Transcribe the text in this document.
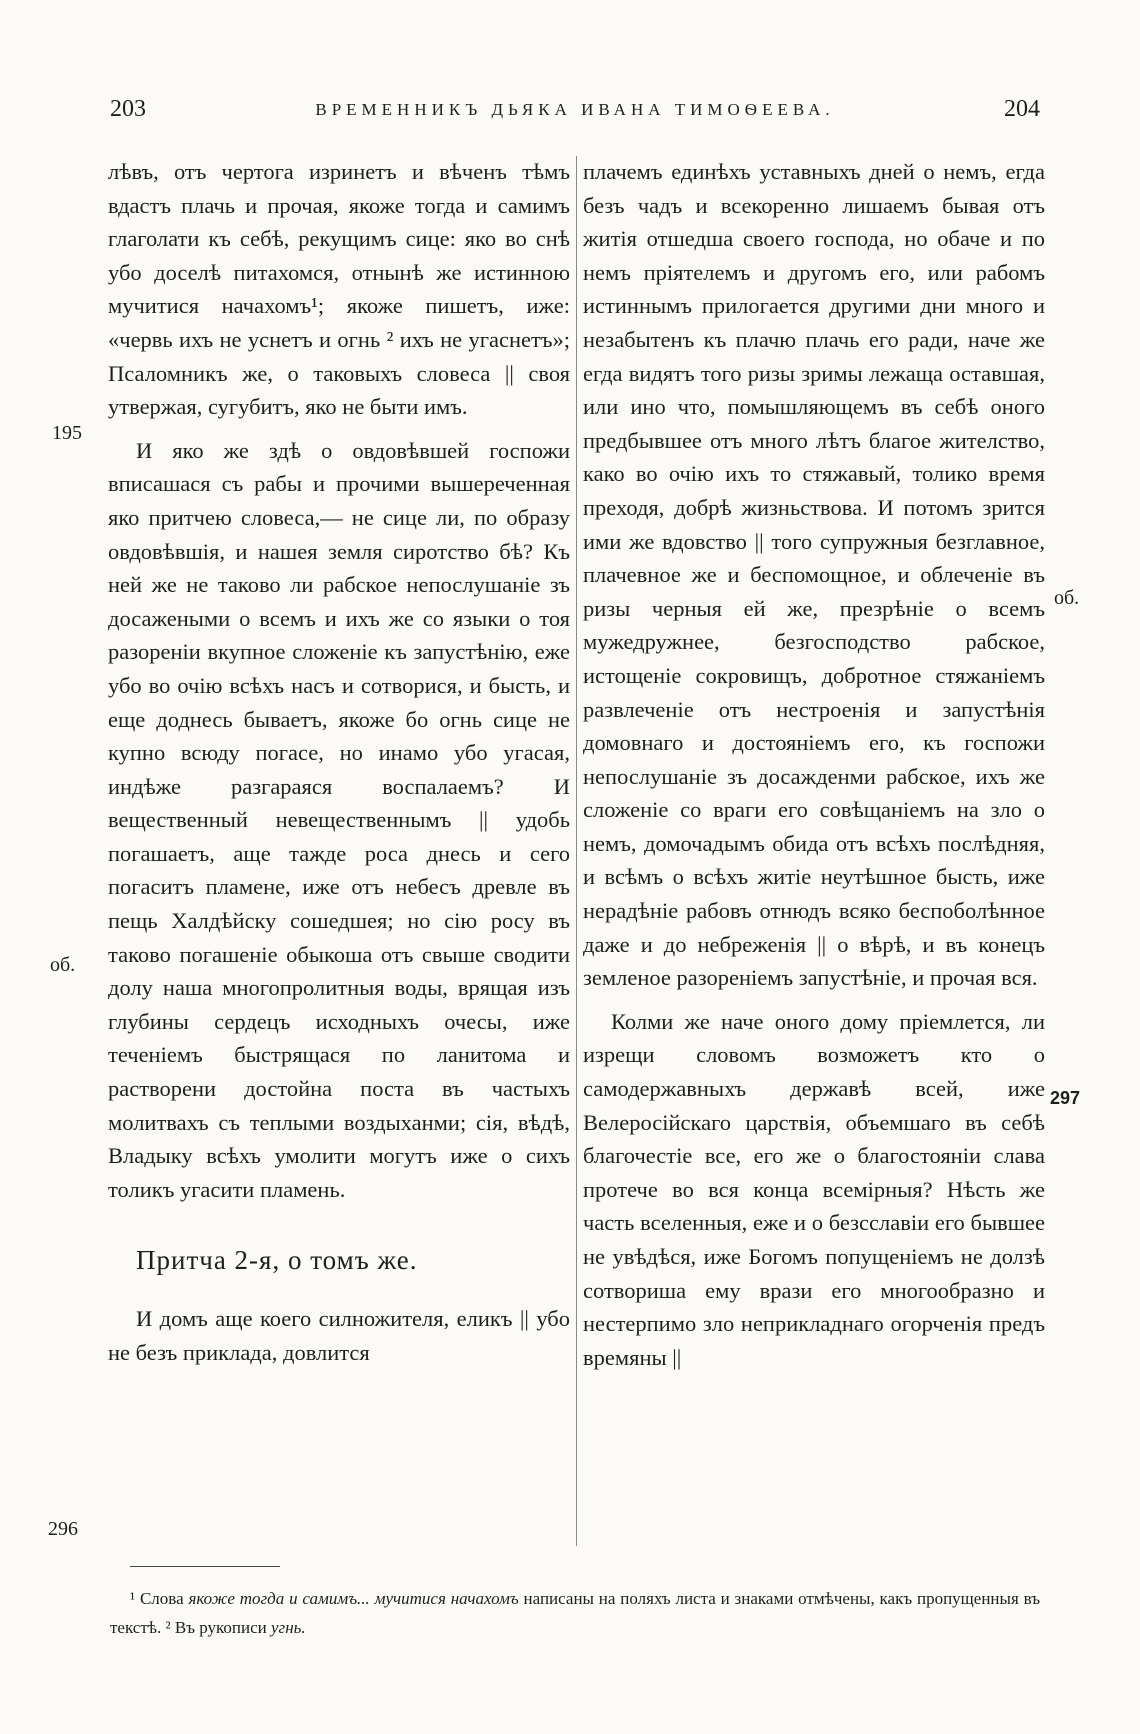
203	ВРЕМЕННИКЪ ДЬЯКА ИВАНА ТИМОѲЕЕВА.	204
195
об.
296
об.
297

лѣвъ, отъ чертога изринетъ и вѣченъ тѣмъ вдастъ плачь и прочая, якоже тогда и самимъ глаголати къ себѣ, рекущимъ сице: яко во снѣ убо доселѣ питахомся, отнынѣ же истинною мучитися начахомъ¹; якоже пишетъ, иже: «червь ихъ не уснетъ и огнь ² ихъ не угаснетъ»; Псаломникъ же, о таковыхъ словеса || своя утвержая, сугубитъ, яко не быти имъ.

И яко же здѣ о овдовѣвшей госпожи вписашася съ рабы и прочими вышереченная яко притчею словеса,— не сице ли, по образу овдовѣвшія, и нашея земля сиротство бѣ? Къ ней же не таково ли рабское непослушаніе зъ досажеными о всемъ и ихъ же со языки о тоя разореніи вкупное сложеніе къ запустѣнію, еже убо во очію всѣхъ насъ и сотворися, и бысть, и еще доднесь бываетъ, якоже бо огнь сице не купно всюду погасе, но инамо убо угасая, индѣже разгараяся воспалаемъ? И вещественный невещественнымъ || удобь погашаетъ, аще тажде роса днесь и сего погаситъ пламене, иже отъ небесъ древле въ пещь Халдѣйску сошедшея; но сію росу въ таково погашеніе обыкоша отъ свыше сводити долу наша многопролитныя воды, врящая изъ глубины сердецъ исходныхъ очесы, иже теченіемъ быстрящася по ланитома и растворени достойна поста въ частыхъ молитвахъ съ теплыми воздыханми; сія, вѣдѣ, Владыку всѣхъ умолити могутъ иже о сихъ толикъ угасити пламень.

Притча 2-я, о томъ же.

И домъ аще коего силножителя, еликъ || убо не безъ приклада, довлится

плачемъ единѣхъ уставныхъ дней о немъ, егда безъ чадъ и всекоренно лишаемъ бывая отъ житія отшедша своего господа, но обаче и по немъ пріятелемъ и другомъ его, или рабомъ истиннымъ прилогается другими дни много и незабытенъ къ плачю плачь его ради, наче же егда видятъ того ризы зримы лежаща оставшая, или ино что, помышляющемъ въ себѣ оного предбывшее отъ много лѣтъ благое жителство, како во очію ихъ то стяжавый, толико время преходя, добрѣ жизньствова. И потомъ зрится ими же вдовство || того супружныя безглавное, плачевное же и беспомощное, и облеченіе въ ризы черныя ей же, презрѣніе о всемъ мужедружнее, безгосподство рабское, истощеніе сокровищъ, добротное стяжаніемъ развлеченіе отъ нестроенія и запустѣнія домовнаго и достояніемъ его, къ госпожи непослушаніе зъ досажденми рабское, ихъ же сложеніе со враги его совѣщаніемъ на зло о немъ, домочадымъ обида отъ всѣхъ послѣдняя, и всѣмъ о всѣхъ житіе неутѣшное бысть, иже нерадѣніе рабовъ отнюдъ всяко беспоболѣнное даже и до небреженія || о вѣрѣ, и въ конецъ земленое разореніемъ запустѣніе, и прочая вся.

Колми же наче оного дому пріемлется, ли изрещи словомъ возможетъ кто о самодержавныхъ державѣ всей, иже Велеросійскаго царствія, объемшаго въ себѣ благочестіе все, его же о благостояніи слава протече во вся конца всемірныя? Нѣсть же часть вселенныя, еже и о безсславіи его бывшее не увѣдѣся, иже Богомъ попущеніемъ не долзѣ сотвориша ему врази его многообразно и нестерпимо зло неприкладнаго огорченія предъ времяны ||

¹ Слова якоже тогда и самимъ... мучитися начахомъ написаны на поляхъ листа и знаками отмѣчены, какъ пропущенныя въ текстѣ. ² Въ рукописи угнь.
